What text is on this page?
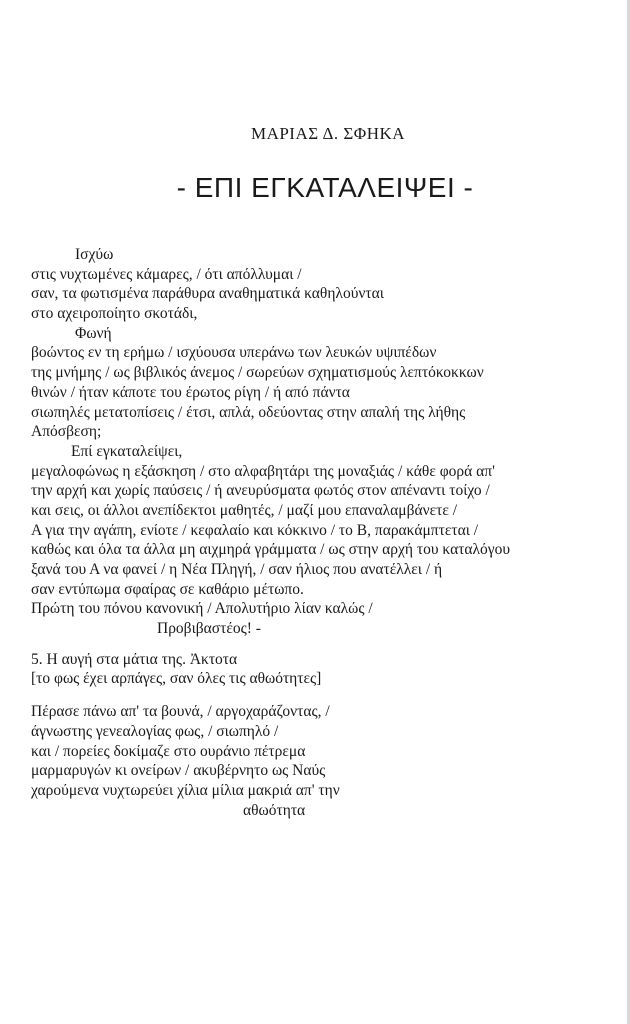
ΜΑΡΙΑΣ Δ. ΣΦΗΚΑ
- ΕΠΙ ΕΓΚΑΤΑΛΕΙΨΕΙ -
Ισχύω
στις νυχτωμένες κάμαρες, / ότι απόλλυμαι /
σαν, τα φωτισμένα παράθυρα αναθηματικά καθηλούνται
στο αχειροποίητο σκοτάδι,
Φωνή
βοώντος εν τη ερήμω / ισχύουσα υπεράνω των λευκών υψιπέδων
της μνήμης / ως βιβλικός άνεμος / σωρεύων σχηματισμούς λεπτόκοκκων
θινών / ήταν κάποτε του έρωτος ρίγη / ή από πάντα
σιωπηλές μετατοπίσεις / έτσι, απλά, οδεύοντας στην απαλή της λήθης
Απόσβεση;
Επί εγκαταλείψει,
μεγαλοφώνως η εξάσκηση / στο αλφαβητάρι της μοναξιάς / κάθε φορά απ'
την αρχή και χωρίς παύσεις / ή ανευρύσματα φωτός στον απέναντι τοίχο /
και σεις, οι άλλοι ανεπίδεκτοι μαθητές, / μαζί μου επαναλαμβάνετε /
Α για την αγάπη, ενίοτε / κεφαλαίο και κόκκινο / το Β, παρακάμπτεται /
καθώς και όλα τα άλλα μη αιχμηρά γράμματα / ως στην αρχή του καταλόγου
ξανά του Α να φανεί / η Νέα Πληγή, / σαν ήλιος που ανατέλλει / ή
σαν εντύπωμα σφαίρας σε καθάριο μέτωπο.
Πρώτη του πόνου κανονική / Απολυτήριο λίαν καλώς /
Προβιβαστέος! -
5. Η αυγή στα μάτια της. Ἀκτοτα
[το φως έχει αρπάγες, σαν όλες τις αθωότητες]
Πέρασε πάνω απ' τα βουνά, / αργοχαράζοντας, /
άγνωστης γενεαλογίας φως, / σιωπηλό /
και / πορείες δοκίμαζε στο ουράνιο πέτρεμα
μαρμαρυγών κι ονείρων / ακυβέρνητο ως Ναύς
χαρούμενα νυχτωρεύει χίλια μίλια μακριά απ' την
αθωότητα
